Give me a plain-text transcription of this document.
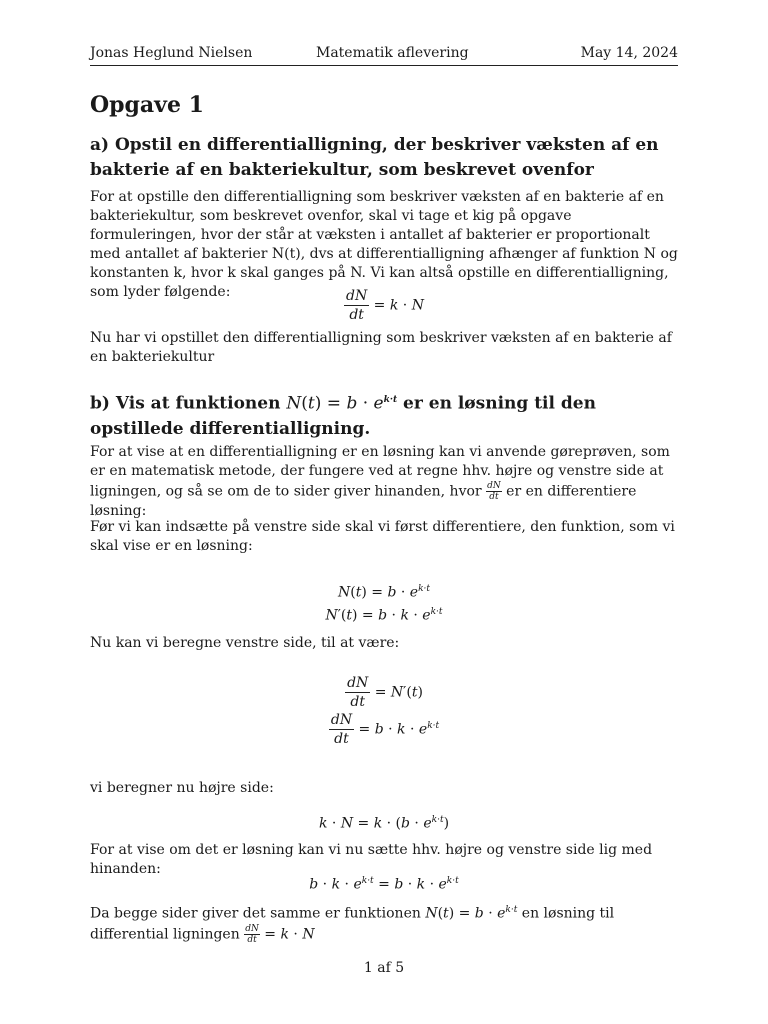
Jonas Heglund Nielsen	Matematik aflevering	May 14, 2024
Opgave 1
a) Opstil en differentialligning, der beskriver væksten af en bakterie af en bakteriekultur, som beskrevet ovenfor

For at opstille den differentialligning som beskriver væksten af en bakterie af en bakteriekultur, som beskrevet ovenfor, skal vi tage et kig på opgave formuleringen, hvor der står at væksten i antallet af bakterier er proportionalt med antallet af bakterier N(t), dvs at differentialligning afhænger af funktion N og konstanten k, hvor k skal ganges på N. Vi kan altså opstille en differentialligning, som lyder følgende:	$\frac{dN}{dt} = k \cdot N$

Nu har vi opstillet den differentialligning som beskriver væksten af en bakterie af en bakteriekultur

b) Vis at funktionen $N(t) = b \cdot e^{k\cdot t}$ er en løsning til den opstillede differentialligning.

For at vise at en differentialligning er en løsning kan vi anvende gøreprøven, som er en matematisk metode, der fungere ved at regne hhv. højre og venstre side at ligningen, og så se om de to sider giver hinanden, hvor $\frac{dN}{dt}$ er en differentiere løsning:

Før vi kan indsætte på venstre side skal vi først differentiere, den funktion, som vi skal vise er en løsning:

$N(t) = b \cdot e^{k\cdot t}$
$N'(t) = b \cdot k \cdot e^{k\cdot t}$

Nu kan vi beregne venstre side, til at være:

$\frac{dN}{dt} = N'(t)$
$\frac{dN}{dt} = b \cdot k \cdot e^{k\cdot t}$

vi beregner nu højre side:

$k \cdot N = k \cdot (b \cdot e^{k\cdot t})$

For at vise om det er løsning kan vi nu sætte hhv. højre og venstre side lig med hinanden:

$b \cdot k \cdot e^{k\cdot t} = b \cdot k \cdot e^{k\cdot t}$

Da begge sider giver det samme er funktionen $N(t) = b \cdot e^{k\cdot t}$ en løsning til differential ligningen $\frac{dN}{dt} = k \cdot N$

1 af 5
